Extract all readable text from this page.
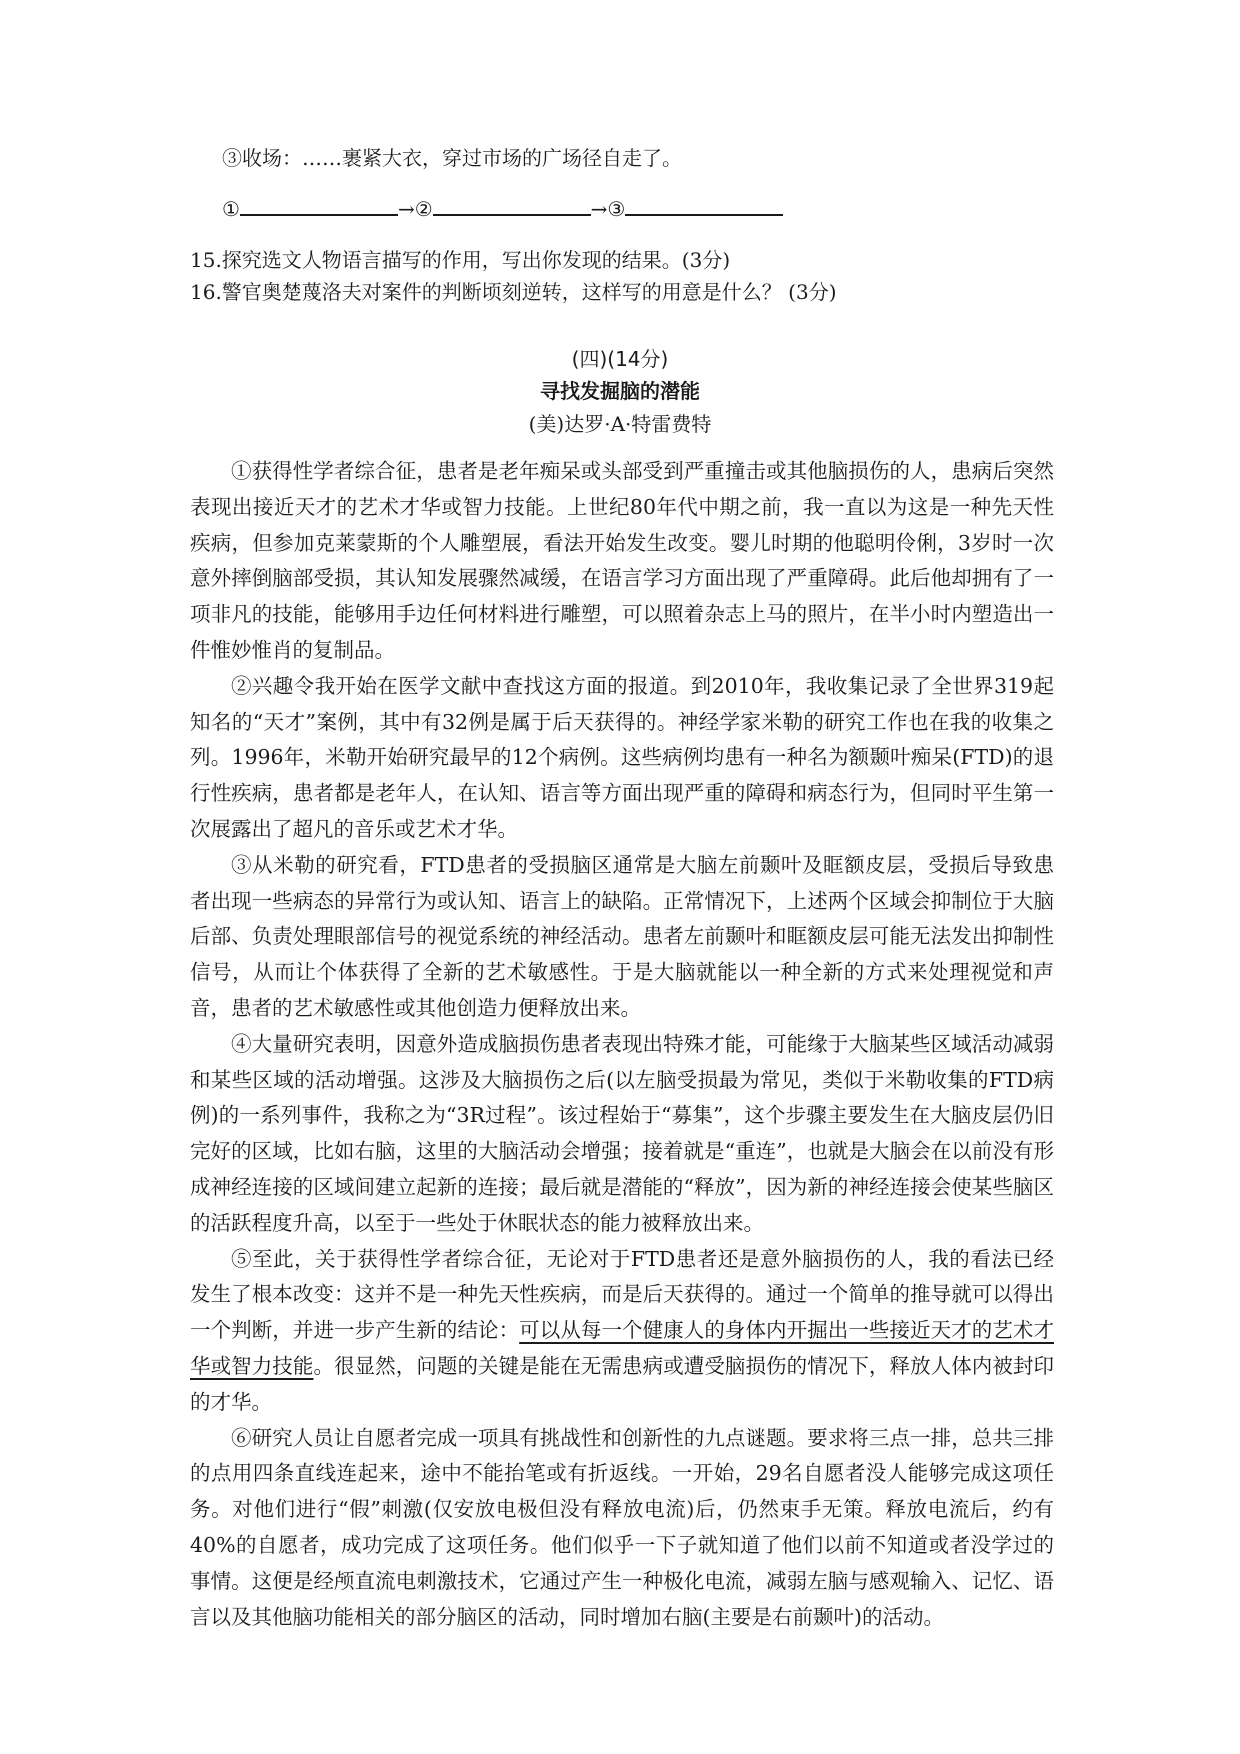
③收场：……裹紧大衣，穿过市场的广场径自走了。
①	→②	→③
15.探究选文人物语言描写的作用，写出你发现的结果。(3分)
16.警官奥楚蔑洛夫对案件的判断顷刻逆转，这样写的用意是什么？ (3分)
(四)(14分)
寻找发掘脑的潜能
(美)达罗·A·特雷费特

①获得性学者综合征，患者是老年痴呆或头部受到严重撞击或其他脑损伤的人，患病后突然表现出接近天才的艺术才华或智力技能。上世纪80年代中期之前，我一直以为这是一种先天性疾病，但参加克莱蒙斯的个人雕塑展，看法开始发生改变。婴儿时期的他聪明伶俐，3岁时一次意外摔倒脑部受损，其认知发展骤然减缓，在语言学习方面出现了严重障碍。此后他却拥有了一项非凡的技能，能够用手边任何材料进行雕塑，可以照着杂志上马的照片，在半小时内塑造出一件惟妙惟肖的复制品。

②兴趣令我开始在医学文献中查找这方面的报道。到2010年，我收集记录了全世界319起知名的“天才”案例，其中有32例是属于后天获得的。神经学家米勒的研究工作也在我的收集之列。1996年，米勒开始研究最早的12个病例。这些病例均患有一种名为额颞叶痴呆(FTD)的退行性疾病，患者都是老年人，在认知、语言等方面出现严重的障碍和病态行为，但同时平生第一次展露出了超凡的音乐或艺术才华。

③从米勒的研究看，FTD患者的受损脑区通常是大脑左前颞叶及眶额皮层，受损后导致患者出现一些病态的异常行为或认知、语言上的缺陷。正常情况下，上述两个区域会抑制位于大脑后部、负责处理眼部信号的视觉系统的神经活动。患者左前颞叶和眶额皮层可能无法发出抑制性信号，从而让个体获得了全新的艺术敏感性。于是大脑就能以一种全新的方式来处理视觉和声音，患者的艺术敏感性或其他创造力便释放出来。

④大量研究表明，因意外造成脑损伤患者表现出特殊才能，可能缘于大脑某些区域活动减弱和某些区域的活动增强。这涉及大脑损伤之后(以左脑受损最为常见，类似于米勒收集的FTD病例)的一系列事件，我称之为“3R过程”。该过程始于“募集”，这个步骤主要发生在大脑皮层仍旧完好的区域，比如右脑，这里的大脑活动会增强；接着就是“重连”，也就是大脑会在以前没有形成神经连接的区域间建立起新的连接；最后就是潜能的“释放”，因为新的神经连接会使某些脑区的活跃程度升高，以至于一些处于休眠状态的能力被释放出来。

⑤至此，关于获得性学者综合征，无论对于FTD患者还是意外脑损伤的人，我的看法已经发生了根本改变：这并不是一种先天性疾病，而是后天获得的。通过一个简单的推导就可以得出一个判断，并进一步产生新的结论：可以从每一个健康人的身体内开掘出一些接近天才的艺术才华或智力技能。很显然，问题的关键是能在无需患病或遭受脑损伤的情况下，释放人体内被封印的才华。

⑥研究人员让自愿者完成一项具有挑战性和创新性的九点谜题。要求将三点一排，总共三排的点用四条直线连起来，途中不能抬笔或有折返线。一开始，29名自愿者没人能够完成这项任务。对他们进行“假”刺激(仅安放电极但没有释放电流)后，仍然束手无策。释放电流后，约有40%的自愿者，成功完成了这项任务。他们似乎一下子就知道了他们以前不知道或者没学过的事情。这便是经颅直流电刺激技术，它通过产生一种极化电流，减弱左脑与感观输入、记忆、语言以及其他脑功能相关的部分脑区的活动，同时增加右脑(主要是右前颞叶)的活动。
